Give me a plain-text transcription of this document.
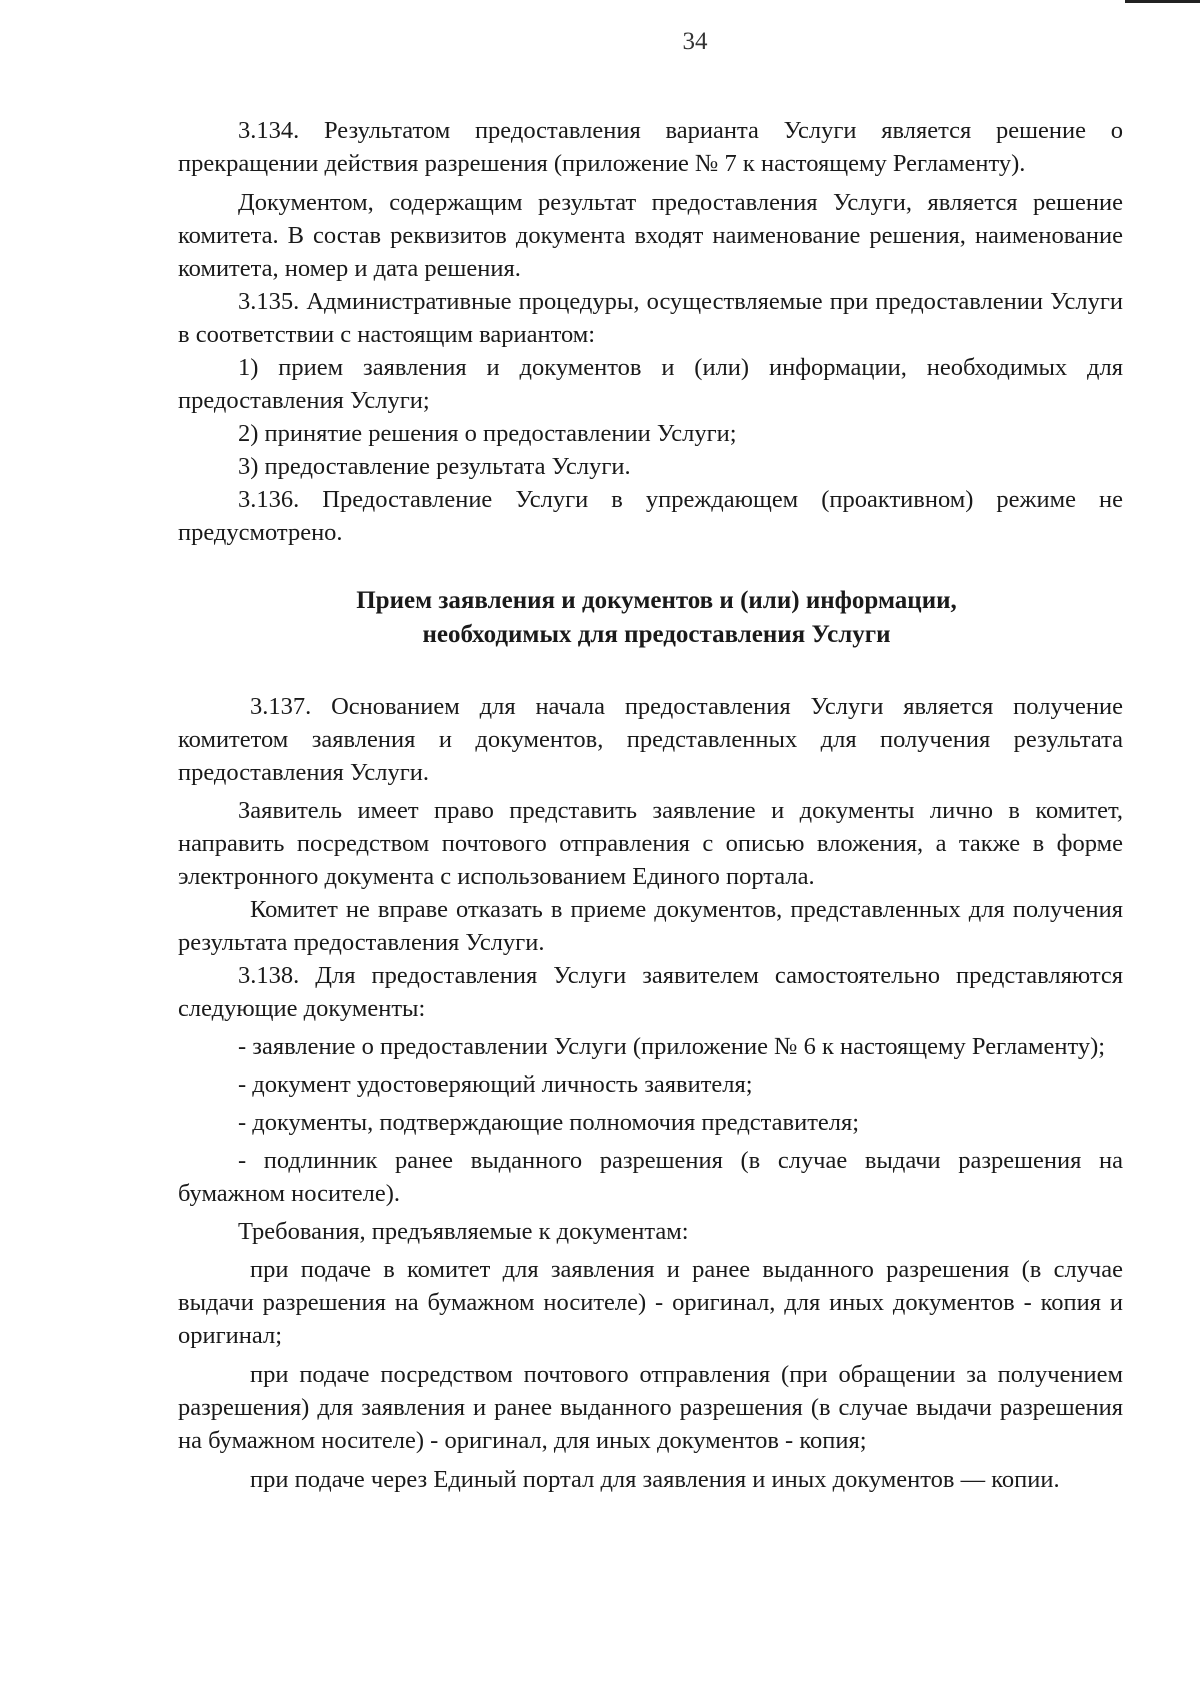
34

3.134. Результатом предоставления варианта Услуги является решение о прекращении действия разрешения (приложение № 7 к настоящему Регламенту).

Документом, содержащим результат предоставления Услуги, является решение комитета. В состав реквизитов документа входят наименование решения, наименование комитета, номер и дата решения.

3.135. Административные процедуры, осуществляемые при предоставлении Услуги в соответствии с настоящим вариантом:

1) прием заявления и документов и (или) информации, необходимых для предоставления Услуги;

2) принятие решения о предоставлении Услуги;

3) предоставление результата Услуги.

3.136. Предоставление Услуги в упреждающем (проактивном) режиме не предусмотрено.

Прием заявления и документов и (или) информации,
необходимых для предоставления Услуги

3.137. Основанием для начала предоставления Услуги является получение комитетом заявления и документов, представленных для получения результата предоставления Услуги.

Заявитель имеет право представить заявление и документы лично в комитет, направить посредством почтового отправления с описью вложения, а также в форме электронного документа с использованием Единого портала.

Комитет не вправе отказать в приеме документов, представленных для получения результата предоставления Услуги.

3.138. Для предоставления Услуги заявителем самостоятельно представляются следующие документы:

- заявление о предоставлении Услуги (приложение № 6 к настоящему Регламенту);

- документ удостоверяющий личность заявителя;

- документы, подтверждающие полномочия представителя;

- подлинник ранее выданного разрешения (в случае выдачи разрешения на бумажном носителе).

Требования, предъявляемые к документам:

при подаче в комитет для заявления и ранее выданного разрешения (в случае выдачи разрешения на бумажном носителе) - оригинал, для иных документов - копия и оригинал;

при подаче посредством почтового отправления (при обращении за получением разрешения) для заявления и ранее выданного разрешения (в случае выдачи разрешения на бумажном носителе) - оригинал, для иных документов - копия;

при подаче через Единый портал для заявления и иных документов — копии.
